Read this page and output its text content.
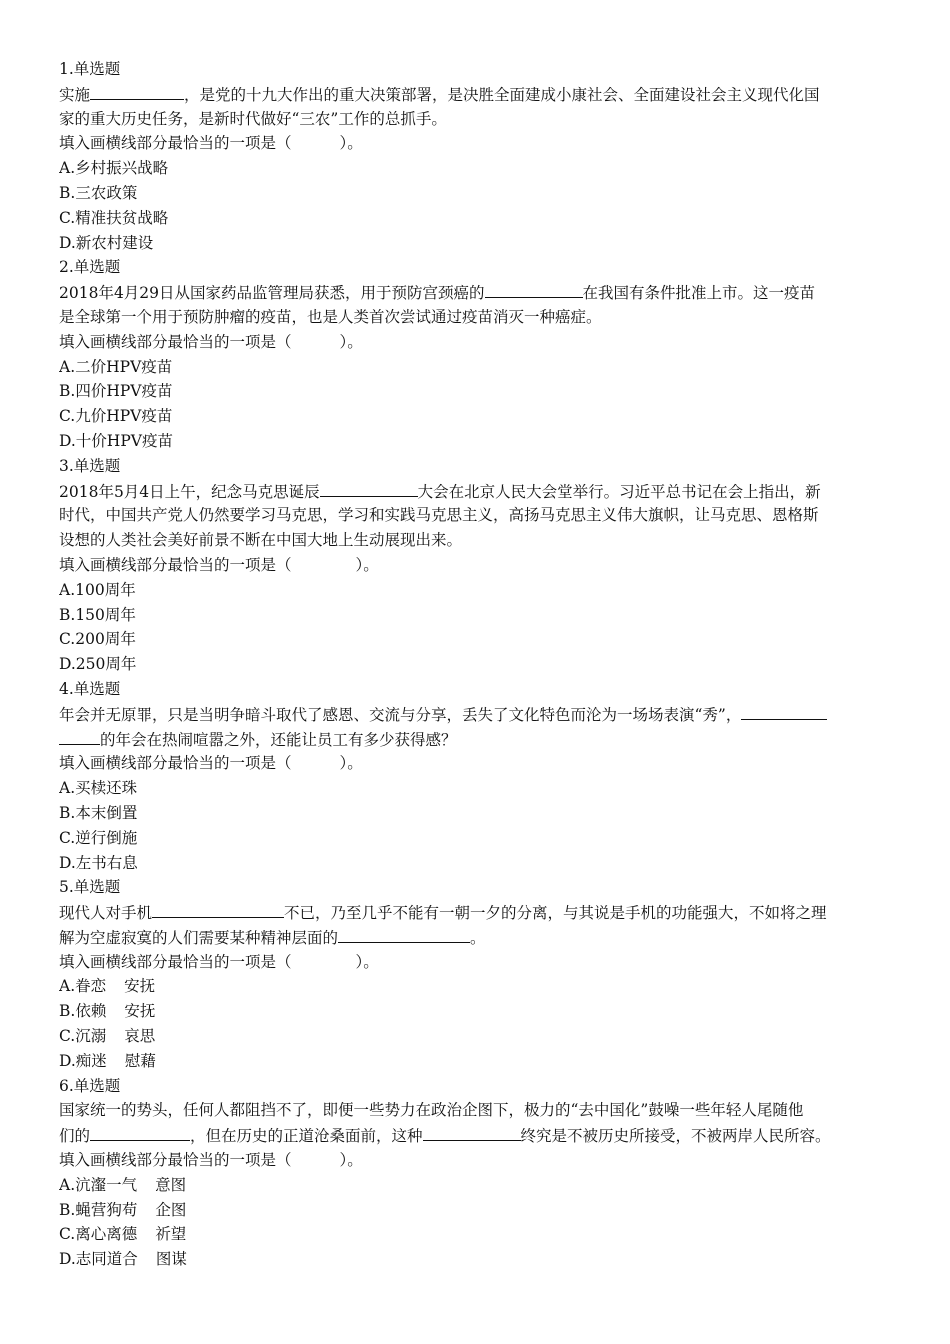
1.单选题
实施	，是党的十九大作出的重大决策部署，是决胜全面建成小康社会、全面建设社会主义现代化国
家的重大历史任务，是新时代做好“三农”工作的总抓手。
填入画横线部分最恰当的一项是（	）。
A.乡村振兴战略
B.三农政策
C.精准扶贫战略
D.新农村建设
2.单选题
2018年4月29日从国家药品监管理局获悉，用于预防宫颈癌的	在我国有条件批准上市。这一疫苗
是全球第一个用于预防肿瘤的疫苗，也是人类首次尝试通过疫苗消灭一种癌症。
填入画横线部分最恰当的一项是（	）。
A.二价HPV疫苗
B.四价HPV疫苗
C.九价HPV疫苗
D.十价HPV疫苗
3.单选题
2018年5月4日上午，纪念马克思诞辰	大会在北京人民大会堂举行。习近平总书记在会上指出，新
时代，中国共产党人仍然要学习马克思，学习和实践马克思主义，高扬马克思主义伟大旗帜，让马克思、恩格斯
设想的人类社会美好前景不断在中国大地上生动展现出来。
填入画横线部分最恰当的一项是（	）。
A.100周年
B.150周年
C.200周年
D.250周年
4.单选题
年会并无原罪，只是当明争暗斗取代了感恩、交流与分享，丢失了文化特色而沦为一场场表演“秀”，
的年会在热闹喧嚣之外，还能让员工有多少获得感？
填入画横线部分最恰当的一项是（	）。
A.买椟还珠
B.本末倒置
C.逆行倒施
D.左书右息
5.单选题
现代人对手机	不已，乃至几乎不能有一朝一夕的分离，与其说是手机的功能强大，不如将之理
解为空虚寂寞的人们需要某种精神层面的	。
填入画横线部分最恰当的一项是（	）。
A.眷恋 安抚
B.依赖 安抚
C.沉溺 哀思
D.痴迷 慰藉
6.单选题
国家统一的势头，任何人都阻挡不了，即便一些势力在政治企图下，极力的“去中国化”鼓噪一些年轻人尾随他
们的	，但在历史的正道沧桑面前，这种	终究是不被历史所接受，不被两岸人民所容。
填入画横线部分最恰当的一项是（	）。
A.沆瀣一气 意图
B.蝇营狗苟 企图
C.离心离德 祈望
D.志同道合 图谋
